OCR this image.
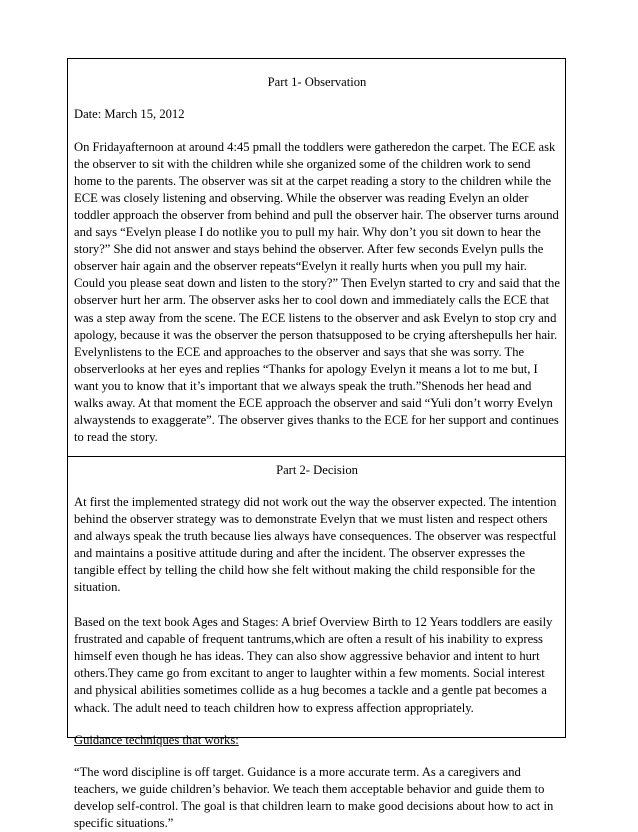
Part 1- Observation

Date: March 15, 2012

On Fridayafternoon at around 4:45 pmall the toddlers were gatheredon the carpet. The ECE ask the observer to sit with the children while she organized some of the children work to send home to the parents. The observer was sit at the carpet reading a story to the children while the ECE was closely listening and observing. While the observer was reading Evelyn an older toddler approach the observer from behind and pull the observer hair. The observer turns around and says “Evelyn please I do notlike you to pull my hair. Why don’t you sit down to hear the story?” She did not answer and stays behind the observer. After few seconds Evelyn pulls the observer hair again and the observer repeats“Evelyn it really hurts when you pull my hair. Could you please seat down and listen to the story?” Then Evelyn started to cry and said that the observer hurt her arm. The observer asks her to cool down and immediately calls the ECE that was a step away from the scene. The ECE listens to the observer and ask Evelyn to stop cry and apology, because it was the observer the person thatsupposed to be crying aftershepulls her hair. Evelynlistens to the ECE and approaches to the observer and says that she was sorry. The observerlooks at her eyes and replies “Thanks for apology Evelyn it means a lot to me but, I want you to know that it’s important that we always speak the truth.”Shenods her head and walks away. At that moment the ECE approach the observer and said “Yuli don’t worry Evelyn alwaystends to exaggerate”. The observer gives thanks to the ECE for her support and continues to read the story.

Part 2- Decision

At first the implemented strategy did not work out the way the observer expected. The intention behind the observer strategy was to demonstrate Evelyn that we must listen and respect others and always speak the truth because lies always have consequences. The observer was respectful and maintains a positive attitude during and after the incident. The observer expresses the tangible effect by telling the child how she felt without making the child responsible for the situation.

Based on the text book Ages and Stages: A brief Overview Birth to 12 Years toddlers are easily frustrated and capable of frequent tantrums,which are often a result of his inability to express himself even though he has ideas. They can also show aggressive behavior and intent to hurt others.They came go from excitant to anger to laughter within a few moments. Social interest and physical abilities sometimes collide as a hug becomes a tackle and a gentle pat becomes a whack. The adult need to teach children how to express affection appropriately.

Guidance techniques that works:

“The word discipline is off target. Guidance is a more accurate term. As a caregivers and teachers, we guide children’s behavior. We teach them acceptable behavior and guide them to develop self-control. The goal is that children learn to make good decisions about how to act in specific situations.”
